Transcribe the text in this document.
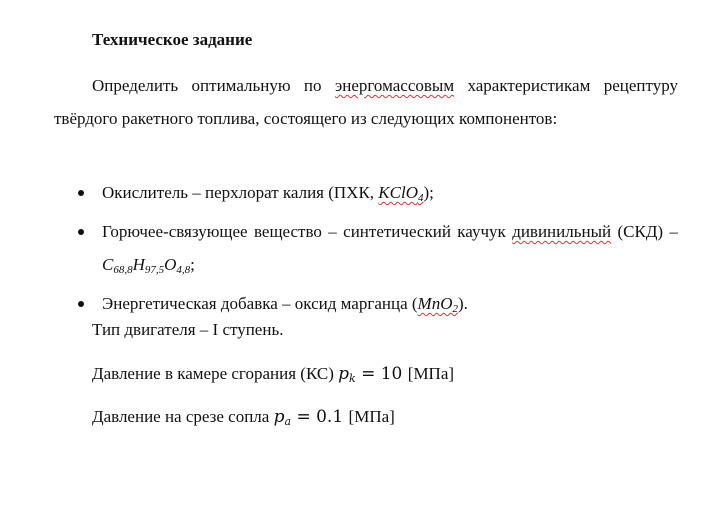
Техническое задание
Определить оптимальную по энергомассовым характеристикам рецептуру твёрдого ракетного топлива, состоящего из следующих компонентов:
Окислитель – перхлорат калия (ПХК, KClO$_4$);
Горючее-связующее вещество – синтетический каучук дивинильный $(СКД) - C_{68,8}H_{97,5}O_{4,8}$;
Энергетическая добавка – оксид марганца (MnO$_2$).
Тип двигателя – I ступень.
Давление в камере сгорания (КС) $p_k = 10$ [МПа]
Давление на срезе сопла $p_a = 0.1$ [МПа]
